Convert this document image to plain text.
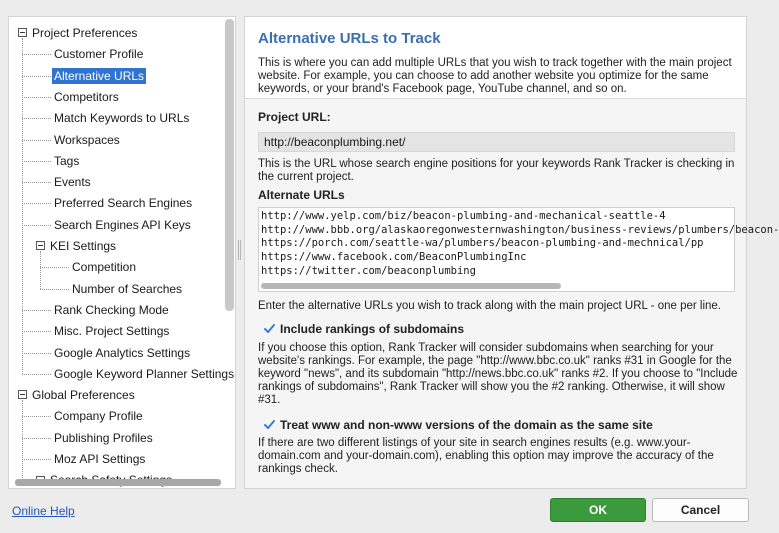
Project Preferences
Customer Profile
Alternative URLs
Competitors
Match Keywords to URLs
Workspaces
Tags
Events
Preferred Search Engines
Search Engines API Keys
KEI Settings
Competition
Number of Searches
Rank Checking Mode
Misc. Project Settings
Google Analytics Settings
Google Keyword Planner Settings
Global Preferences
Company Profile
Publishing Profiles
Moz API Settings
Alternative URLs to Track
This is where you can add multiple URLs that you wish to track together with the main project website. For example, you can choose to add another website you optimize for the same keywords, or your brand's Facebook page, YouTube channel, and so on.
Project URL:
http://beaconplumbing.net/
This is the URL whose search engine positions for your keywords Rank Tracker is checking in the current project.
Alternate URLs
http://www.yelp.com/biz/beacon-plumbing-and-mechanical-seattle-4
http://www.bbb.org/alaskaoregonwesternwashington/business-reviews/plumbers/beacon-
https://porch.com/seattle-wa/plumbers/beacon-plumbing-and-mechnical/pp
https://www.facebook.com/BeaconPlumbingInc
https://twitter.com/beaconplumbing
Enter the alternative URLs you wish to track along with the main project URL - one per line.
Include rankings of subdomains
If you choose this option, Rank Tracker will consider subdomains when searching for your website's rankings. For example, the page "http://www.bbc.co.uk" ranks #31 in Google for the keyword "news", and its subdomain "http://news.bbc.co.uk" ranks #2. If you choose to "Include rankings of subdomains", Rank Tracker will show you the #2 ranking. Otherwise, it will show #31.
Treat www and non-www versions of the domain as the same site
If there are two different listings of your site in search engines results (e.g. www.your-domain.com and your-domain.com), enabling this option may improve the accuracy of the rankings check.
Online Help	OK	Cancel
